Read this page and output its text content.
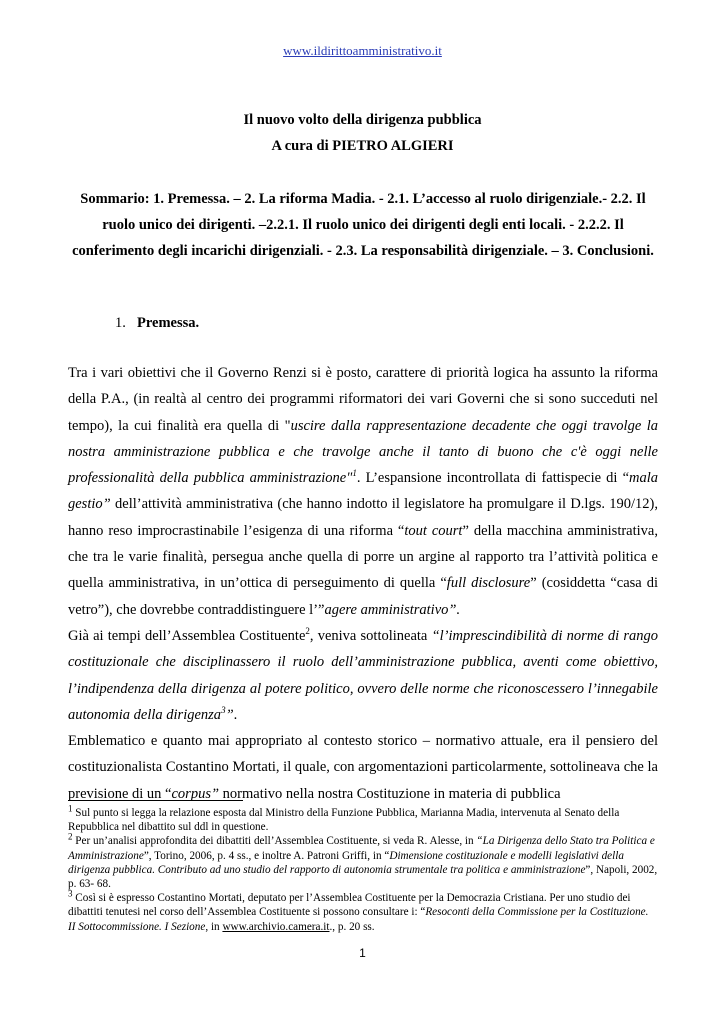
www.ildirittoamministrativo.it
Il nuovo volto della dirigenza pubblica
A cura di PIETRO ALGIERI
Sommario: 1. Premessa. – 2. La riforma Madia. - 2.1. L’accesso al ruolo dirigenziale.- 2.2. Il
ruolo unico dei dirigenti. –2.2.1. Il ruolo unico dei dirigenti degli enti locali. - 2.2.2. Il
conferimento degli incarichi dirigenziali. - 2.3. La responsabilità dirigenziale. – 3. Conclusioni.
1. Premessa.

Tra i vari obiettivi che il Governo Renzi si è posto, carattere di priorità logica ha assunto la riforma della P.A., (in realtà al centro dei programmi riformatori dei vari Governi che si sono succeduti nel tempo), la cui finalità era quella di "uscire dalla rappresentazione decadente che oggi travolge la nostra amministrazione pubblica e che travolge anche il tanto di buono che c'è oggi nelle professionalità della pubblica amministrazione"$^1$. L’espansione incontrollata di fattispecie di “mala gestio” dell’attività amministrativa (che hanno indotto il legislatore ha promulgare il D.lgs. 190/12), hanno reso improcrastinabile l’esigenza di una riforma “tout court” della macchina amministrativa, che tra le varie finalità, persegua anche quella di porre un argine al rapporto tra l’attività politica e quella amministrativa, in un’ottica di perseguimento di quella “full disclosure” (cosiddetta “casa di vetro”), che dovrebbe contraddistinguere l’”agere amministrativo”.

Già ai tempi dell’Assemblea Costituente$^2$, veniva sottolineata “l’imprescindibilità di norme di rango costituzionale che disciplinassero il ruolo dell’amministrazione pubblica, aventi come obiettivo, l’indipendenza della dirigenza al potere politico, ovvero delle norme che riconoscessero l’innegabile autonomia della dirigenza$^3$”.

Emblematico e quanto mai appropriato al contesto storico – normativo attuale, era il pensiero del costituzionalista Costantino Mortati, il quale, con argomentazioni particolarmente, sottolineava che la previsione di un “corpus” normativo nella nostra Costituzione in materia di pubblica

$^1$ Sul punto si legga la relazione esposta dal Ministro della Funzione Pubblica, Marianna Madia, intervenuta al Senato della Repubblica nel dibattito sul ddl in questione.

$^2$ Per un’analisi approfondita dei dibattiti dell’Assemblea Costituente, si veda R. Alesse, in “La Dirigenza dello Stato tra Politica e Amministrazione”, Torino, 2006, p. 4 ss., e inoltre A. Patroni Griffi, in “Dimensione costituzionale e modelli legislativi della dirigenza pubblica. Contributo ad uno studio del rapporto di autonomia strumentale tra politica e amministrazione”, Napoli, 2002, p. 63- 68.

$^3$ Così si è espresso Costantino Mortati, deputato per l’Assemblea Costituente per la Democrazia Cristiana. Per uno studio dei dibattiti tenutesi nel corso dell’Assemblea Costituente si possono consultare i: “Resoconti della Commissione per la Costituzione. II Sottocommissione. I Sezione, in www.archivio.camera.it., p. 20 ss.

1
